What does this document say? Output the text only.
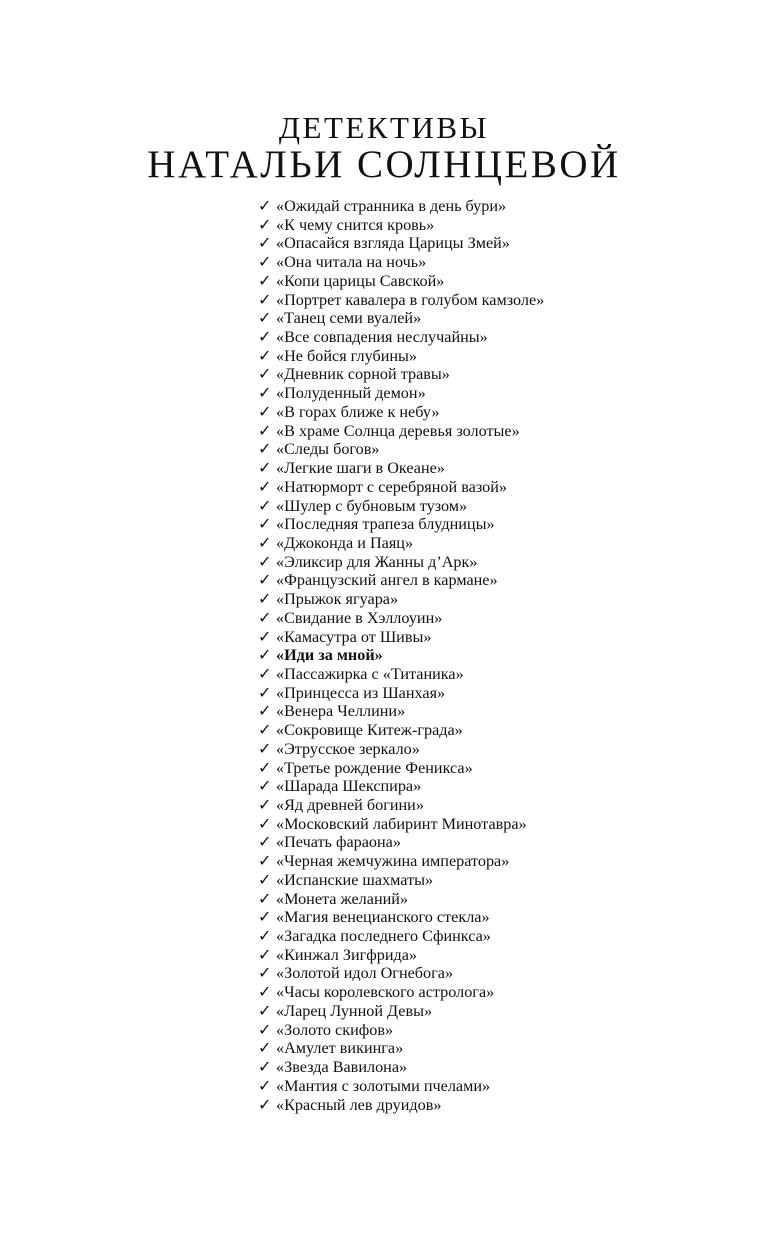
ДЕТЕКТИВЫ
НАТАЛЬИ СОЛНЦЕВОЙ
✓ «Ожидай странника в день бури»
✓ «К чему снится кровь»
✓ «Опасайся взгляда Царицы Змей»
✓ «Она читала на ночь»
✓ «Копи царицы Савской»
✓ «Портрет кавалера в голубом камзоле»
✓ «Танец семи вуалей»
✓ «Все совпадения неслучайны»
✓ «Не бойся глубины»
✓ «Дневник сорной травы»
✓ «Полуденный демон»
✓ «В горах ближе к небу»
✓ «В храме Солнца деревья золотые»
✓ «Следы богов»
✓ «Легкие шаги в Океане»
✓ «Натюрморт с серебряной вазой»
✓ «Шулер с бубновым тузом»
✓ «Последняя трапеза блудницы»
✓ «Джоконда и Паяц»
✓ «Эликсир для Жанны д’Арк»
✓ «Французский ангел в кармане»
✓ «Прыжок ягуара»
✓ «Свидание в Хэллоуин»
✓ «Камасутра от Шивы»
✓ «Иди за мной»
✓ «Пассажирка с «Титаника»
✓ «Принцесса из Шанхая»
✓ «Венера Челлини»
✓ «Сокровище Китеж-града»
✓ «Этрусское зеркало»
✓ «Третье рождение Феникса»
✓ «Шарада Шекспира»
✓ «Яд древней богини»
✓ «Московский лабиринт Минотавра»
✓ «Печать фараона»
✓ «Черная жемчужина императора»
✓ «Испанские шахматы»
✓ «Монета желаний»
✓ «Магия венецианского стекла»
✓ «Загадка последнего Сфинкса»
✓ «Кинжал Зигфрида»
✓ «Золотой идол Огнебога»
✓ «Часы королевского астролога»
✓ «Ларец Лунной Девы»
✓ «Золото скифов»
✓ «Амулет викинга»
✓ «Звезда Вавилона»
✓ «Мантия с золотыми пчелами»
✓ «Красный лев друидов»
